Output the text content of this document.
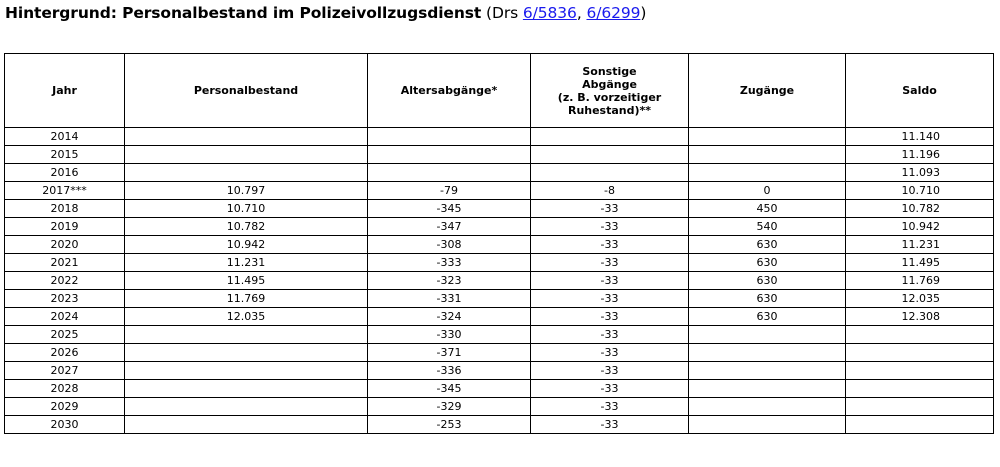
Hintergrund: Personalbestand im Polizeivollzugsdienst (Drs 6/5836, 6/6299)
Jahr	Personalbestand	Altersabgänge*	Sonstige
Abgänge
(z. B. vorzeitiger
Ruhestand)**	Zugänge	Saldo
2014					11.140
2015					11.196
2016					11.093
2017***	10.797	-79	-8	0	10.710
2018	10.710	-345	-33	450	10.782
2019	10.782	-347	-33	540	10.942
2020	10.942	-308	-33	630	11.231
2021	11.231	-333	-33	630	11.495
2022	11.495	-323	-33	630	11.769
2023	11.769	-331	-33	630	12.035
2024	12.035	-324	-33	630	12.308
2025		-330	-33		
2026		-371	-33		
2027		-336	-33		
2028		-345	-33		
2029		-329	-33		
2030		-253	-33		
